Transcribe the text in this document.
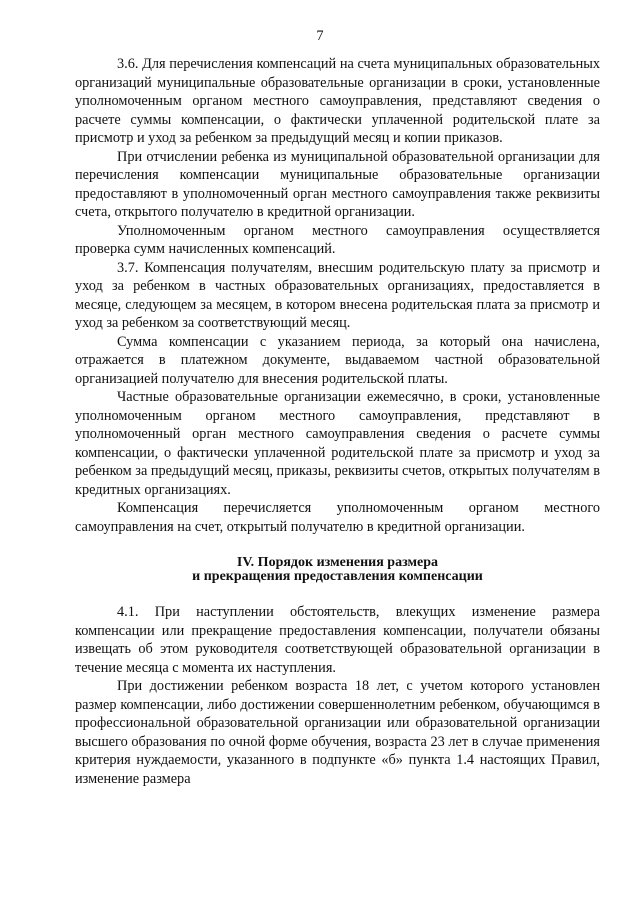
7

3.6. Для перечисления компенсаций на счета муниципальных образовательных организаций муниципальные образовательные организации в сроки, установленные уполномоченным органом местного самоуправления, представляют сведения о расчете суммы компенсации, о фактически уплаченной родительской плате за присмотр и уход за ребенком за предыдущий месяц и копии приказов.

При отчислении ребенка из муниципальной образовательной организации для перечисления компенсации муниципальные образовательные организации предоставляют в уполномоченный орган местного самоуправления также реквизиты счета, открытого получателю в кредитной организации.

Уполномоченным органом местного самоуправления осуществляется проверка сумм начисленных компенсаций.

3.7. Компенсация получателям, внесшим родительскую плату за присмотр и уход за ребенком в частных образовательных организациях, предоставляется в месяце, следующем за месяцем, в котором внесена родительская плата за присмотр и уход за ребенком за соответствующий месяц.

Сумма компенсации с указанием периода, за который она начислена, отражается в платежном документе, выдаваемом частной образовательной организацией получателю для внесения родительской платы.

Частные образовательные организации ежемесячно, в сроки, установленные уполномоченным органом местного самоуправления, представляют в уполномоченный орган местного самоуправления сведения о расчете суммы компенсации, о фактически уплаченной родительской плате за присмотр и уход за ребенком за предыдущий месяц, приказы, реквизиты счетов, открытых получателям в кредитных организациях.

Компенсация перечисляется уполномоченным органом местного самоуправления на счет, открытый получателю в кредитной организации.

IV. Порядок изменения размера
и прекращения предоставления компенсации

4.1. При наступлении обстоятельств, влекущих изменение размера компенсации или прекращение предоставления компенсации, получатели обязаны извещать об этом руководителя соответствующей образовательной организации в течение месяца с момента их наступления.

При достижении ребенком возраста 18 лет, с учетом которого установлен размер компенсации, либо достижении совершеннолетним ребенком, обучающимся в профессиональной образовательной организации или образовательной организации высшего образования по очной форме обучения, возраста 23 лет в случае применения критерия нуждаемости, указанного в подпункте «б» пункта 1.4 настоящих Правил, изменение размера
